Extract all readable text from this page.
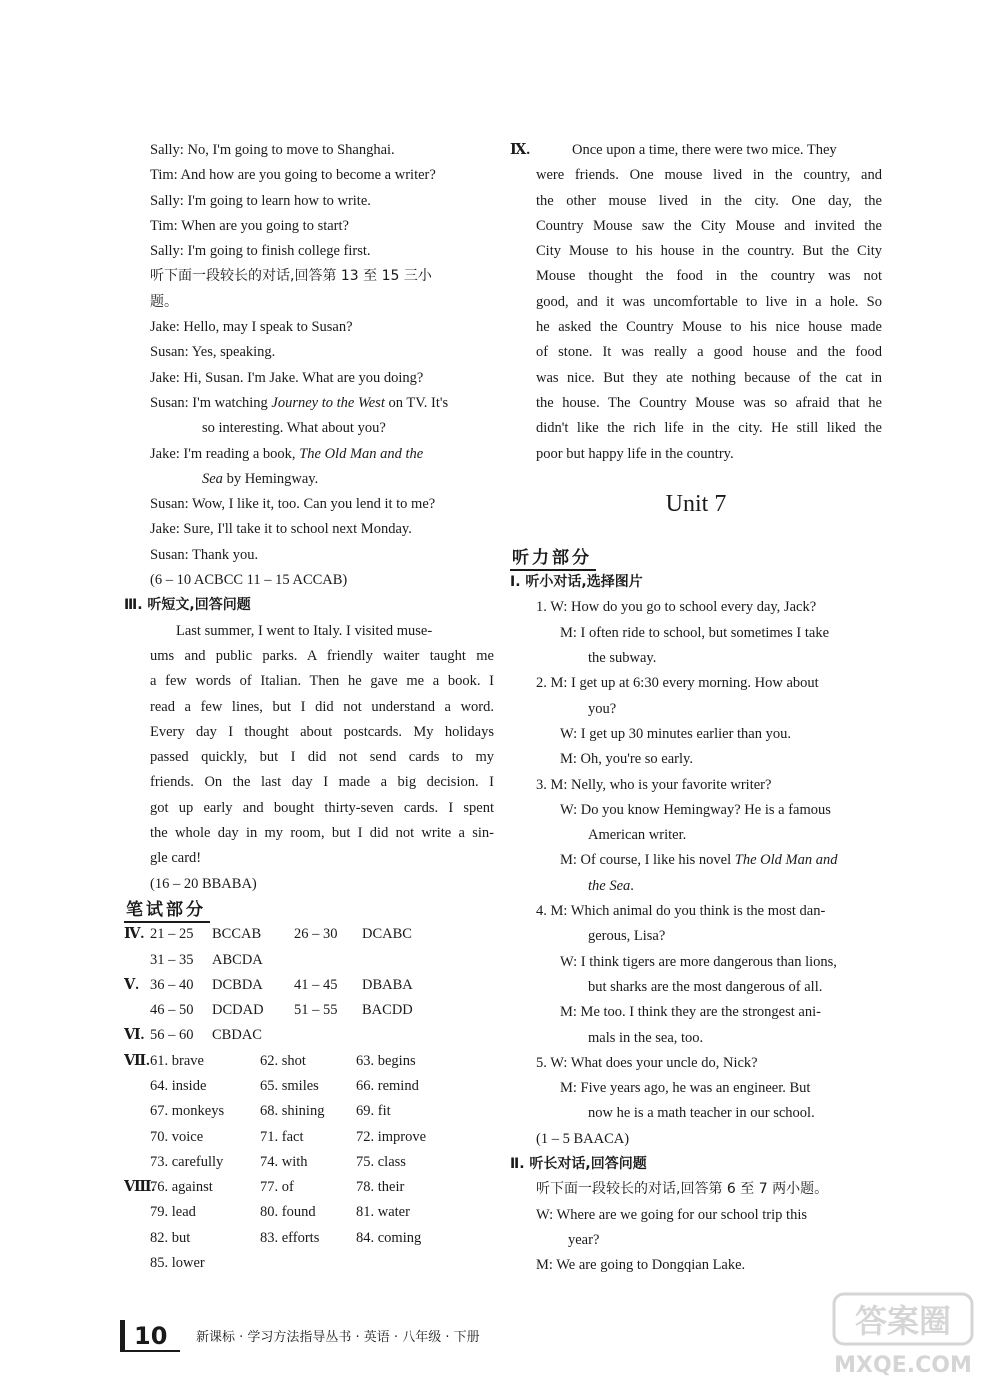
Sally: No, I'm going to move to Shanghai.
Tim: And how are you going to become a writer?
Sally: I'm going to learn how to write.
Tim: When are you going to start?
Sally: I'm going to finish college first.
听下面一段较长的对话,回答第 13 至 15 三小
题。
Jake: Hello, may I speak to Susan?
Susan: Yes, speaking.
Jake: Hi, Susan. I'm Jake. What are you doing?
Susan: I'm watching Journey to the West on TV. It's
so interesting. What about you?
Jake: I'm reading a book, The Old Man and the
Sea by Hemingway.
Susan: Wow, I like it, too. Can you lend it to me?
Jake: Sure, I'll take it to school next Monday.
Susan: Thank you.
(6 – 10 ACBCC 11 – 15 ACCAB)
Ⅲ. 听短文,回答问题
Last summer, I went to Italy. I visited muse-
ums and public parks. A friendly waiter taught me
a few words of Italian. Then he gave me a book. I
read a few lines, but I did not understand a word.
Every day I thought about postcards. My holidays
passed quickly, but I did not send cards to my
friends. On the last day I made a big decision. I
got up early and bought thirty-seven cards. I spent
the whole day in my room, but I did not write a sin-
gle card!
(16 – 20 BBABA)
笔试部分
Ⅳ. 21 – 25	BCCAB	26 – 30	DCABC
31 – 35	ABCDA
Ⅴ. 36 – 40	DCBDA	41 – 45	DBABA
46 – 50	DCDAD	51 – 55	BACDD
Ⅵ. 56 – 60	CBDAC
Ⅶ. 61. brave	62. shot	63. begins
64. inside	65. smiles	66. remind
67. monkeys	68. shining	69. fit
70. voice	71. fact	72. improve
73. carefully	74. with	75. class
Ⅷ.
76. against	77. of	78. their
79. lead	80. found	81. water
82. but	83. efforts	84. coming
85. lower
Ⅸ.	Once upon a time, there were two mice. They
were friends. One mouse lived in the country, and
the other mouse lived in the city. One day, the
Country Mouse saw the City Mouse and invited the
City Mouse to his house in the country. But the City
Mouse thought the food in the country was not
good, and it was uncomfortable to live in a hole. So
he asked the Country Mouse to his nice house made
of stone. It was really a good house and the food
was nice. But they ate nothing because of the cat in
the house. The Country Mouse was so afraid that he
didn't like the rich life in the city. He still liked the
poor but happy life in the country.
Unit 7
听力部分
Ⅰ. 听小对话,选择图片
1. W: How do you go to school every day, Jack?
M: I often ride to school, but sometimes I take
the subway.
2. M: I get up at 6:30 every morning. How about
you?
W: I get up 30 minutes earlier than you.
M: Oh, you're so early.
3. M: Nelly, who is your favorite writer?
W: Do you know Hemingway? He is a famous
American writer.
M: Of course, I like his novel The Old Man and
the Sea.
4. M: Which animal do you think is the most dan-
gerous, Lisa?
W: I think tigers are more dangerous than lions,
but sharks are the most dangerous of all.
M: Me too. I think they are the strongest ani-
mals in the sea, too.
5. W: What does your uncle do, Nick?
M: Five years ago, he was an engineer. But
now he is a math teacher in our school.
(1 – 5 BAACA)
Ⅱ. 听长对话,回答问题
听下面一段较长的对话,回答第 6 至 7 两小题。
W: Where are we going for our school trip this
year?
M: We are going to Dongqian Lake.
10 新课标 · 学习方法指导丛书 · 英语 · 八年级 · 下册	答案圈
MXQE.COM
